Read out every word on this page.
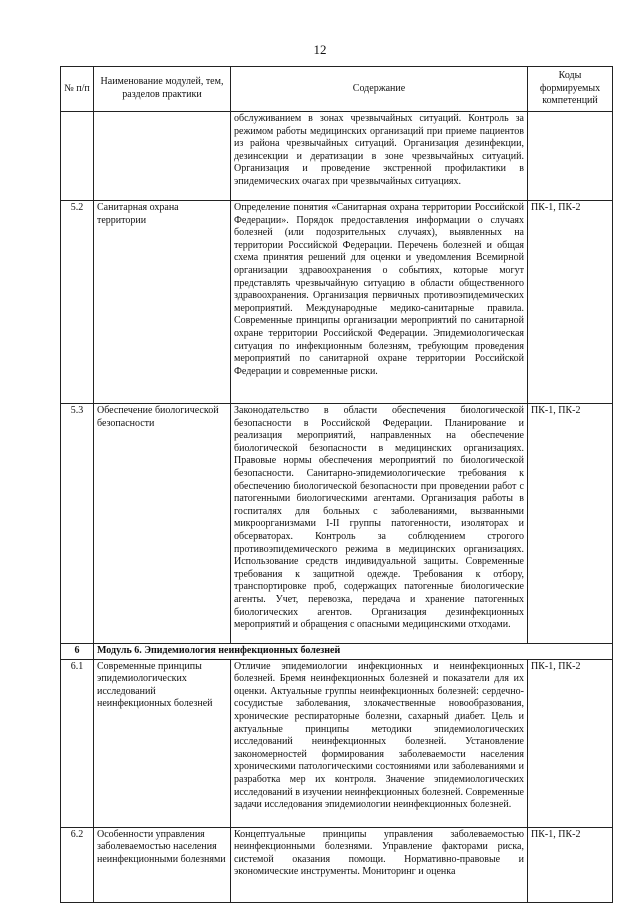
12
№ п/п	Наименование модулей, тем, разделов практики	Содержание	Коды формируемых компетенций
		обслуживанием в зонах чрезвычайных ситуаций. Контроль за режимом работы медицинских организаций при приеме пациентов из района чрезвычайных ситуаций. Организация дезинфекции, дезинсекции и дератизации в зоне чрезвычайных ситуаций. Организация и проведение экстренной профилактики в эпидемических очагах при чрезвычайных ситуациях.	
5.2	Санитарная охрана территории	Определение понятия «Санитарная охрана территории Российской Федерации». Порядок предоставления информации о случаях болезней (или подозрительных случаях), выявленных на территории Российской Федерации. Перечень болезней и общая схема принятия решений для оценки и уведомления Всемирной организации здравоохранения о событиях, которые могут представлять чрезвычайную ситуацию в области общественного здравоохранения. Организация первичных противоэпидемических мероприятий. Международные медико-санитарные правила. Современные принципы организации мероприятий по санитарной охране территории Российской Федерации. Эпидемиологическая ситуация по инфекционным болезням, требующим проведения мероприятий по санитарной охране территории Российской Федерации и современные риски.	ПК-1, ПК-2
5.3	Обеспечение биологической безопасности	Законодательство в области обеспечения биологической безопасности в Российской Федерации. Планирование и реализация мероприятий, направленных на обеспечение биологической безопасности в медицинских организациях. Правовые нормы обеспечения мероприятий по биологической безопасности. Санитарно-эпидемиологические требования к обеспечению биологической безопасности при проведении работ с патогенными биологическими агентами. Организация работы в госпиталях для больных с заболеваниями, вызванными микроорганизмами I-II группы патогенности, изоляторах и обсерваторах. Контроль за соблюдением строгого противоэпидемического режима в медицинских организациях. Использование средств индивидуальной защиты. Современные требования к защитной одежде. Требования к отбору, транспортировке проб, содержащих патогенные биологические агенты. Учет, перевозка, передача и хранение патогенных биологических агентов. Организация дезинфекционных мероприятий и обращения с опасными медицинскими отходами.	ПК-1, ПК-2
6	Модуль 6. Эпидемиология неинфекционных болезней		
6.1	Современные принципы эпидемиологических исследований неинфекционных болезней	Отличие эпидемиологии инфекционных и неинфекционных болезней. Бремя неинфекционных болезней и показатели для их оценки. Актуальные группы неинфекционных болезней: сердечно-сосудистые заболевания, злокачественные новообразования, хронические респираторные болезни, сахарный диабет. Цель и актуальные принципы методики эпидемиологических исследований неинфекционных болезней. Установление закономерностей формирования заболеваемости населения хроническими патологическими состояниями или заболеваниями и разработка мер их контроля. Значение эпидемиологических исследований в изучении неинфекционных болезней. Современные задачи исследования эпидемиологии неинфекционных болезней.	ПК-1, ПК-2
6.2	Особенности управления заболеваемостью населения неинфекционными болезнями	Концептуальные принципы управления заболеваемостью неинфекционными болезнями. Управление факторами риска, системой оказания помощи. Нормативно-правовые и экономические инструменты. Мониторинг и оценка	ПК-1, ПК-2
